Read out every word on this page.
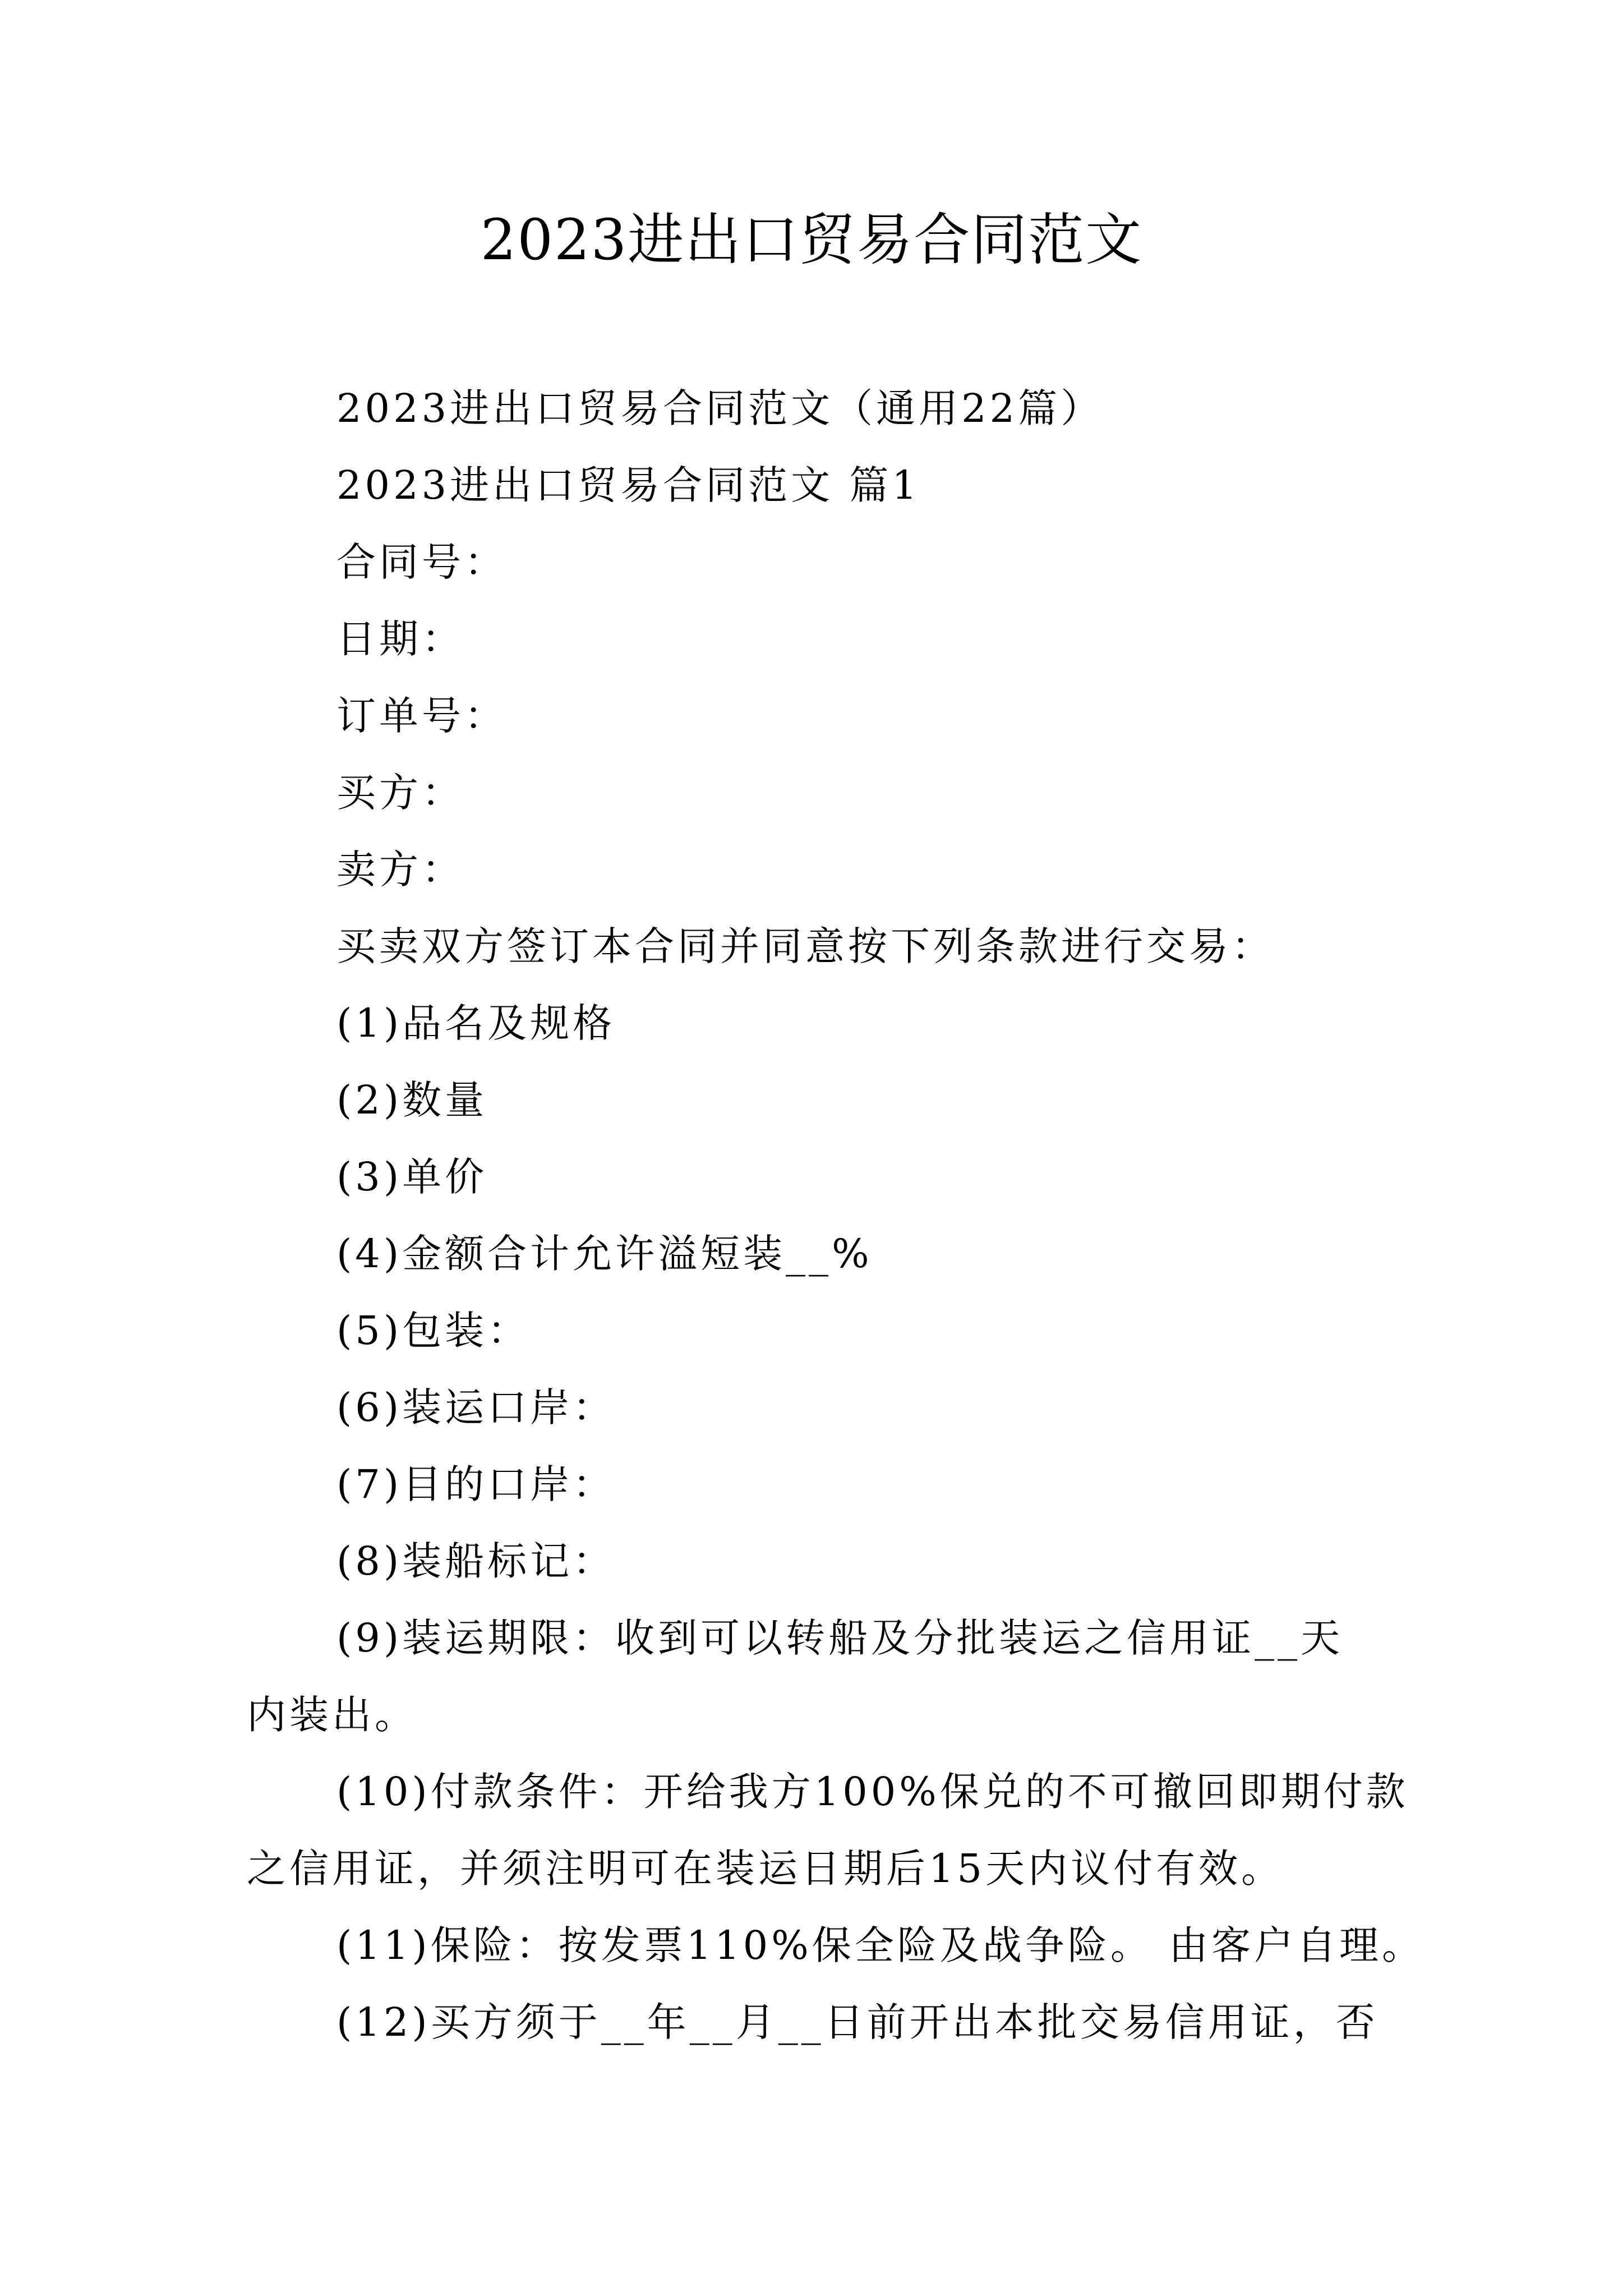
2023进出口贸易合同范文

2023进出口贸易合同范文（通用22篇）

2023进出口贸易合同范文 篇1

合同号：

日期：

订单号：

买方：

卖方：

买卖双方签订本合同并同意按下列条款进行交易：

(1)品名及规格

(2)数量

(3)单价

(4)金额合计允许溢短装__%

(5)包装：

(6)装运口岸：

(7)目的口岸：

(8)装船标记：

(9)装运期限：收到可以转船及分批装运之信用证__天

内装出。

(10)付款条件：开给我方100%保兑的不可撤回即期付款

之信用证，并须注明可在装运日期后15天内议付有效。

(11)保险：按发票110%保全险及战争险。 由客户自理。

(12)买方须于__年__月__日前开出本批交易信用证，否
